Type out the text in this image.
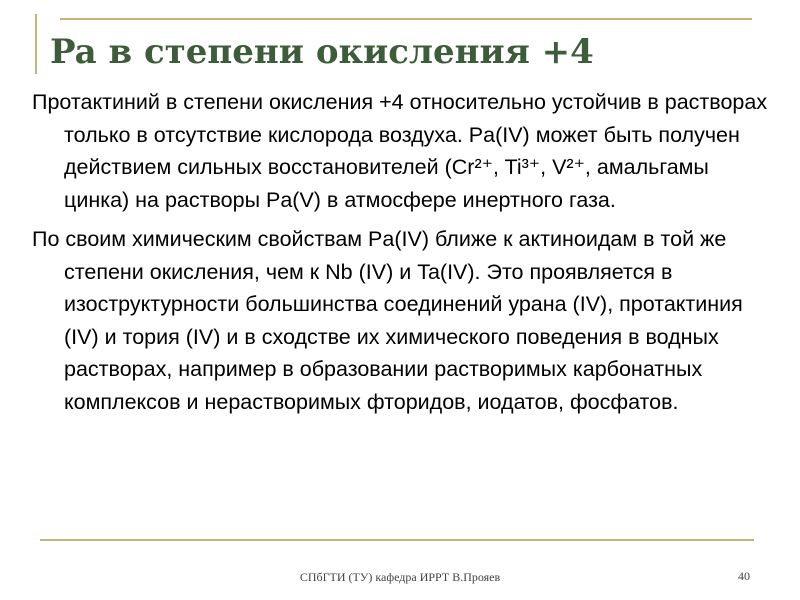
Pa в степени окисления +4

Протактиний в степени окисления +4 относительно устойчив в растворах только в отсутствие кислорода воздуха. Pa(IV) может быть получен действием сильных восстановителей (Cr²⁺, Ti³⁺, V²⁺, амальгамы цинка) на растворы Pa(V) в атмосфере инертного газа.

По своим химическим свойствам Pa(IV) ближе к актиноидам в той же степени окисления, чем к Nb (IV) и Ta(IV). Это проявляется в изоструктурности большинства соединений урана (IV), протактиния (IV) и тория (IV) и в сходстве их химического поведения в водных растворах, например в образовании растворимых карбонатных комплексов и нерастворимых фторидов, иодатов, фосфатов.

СПбГТИ (ТУ) кафедра ИРРТ В.Прояев	40
